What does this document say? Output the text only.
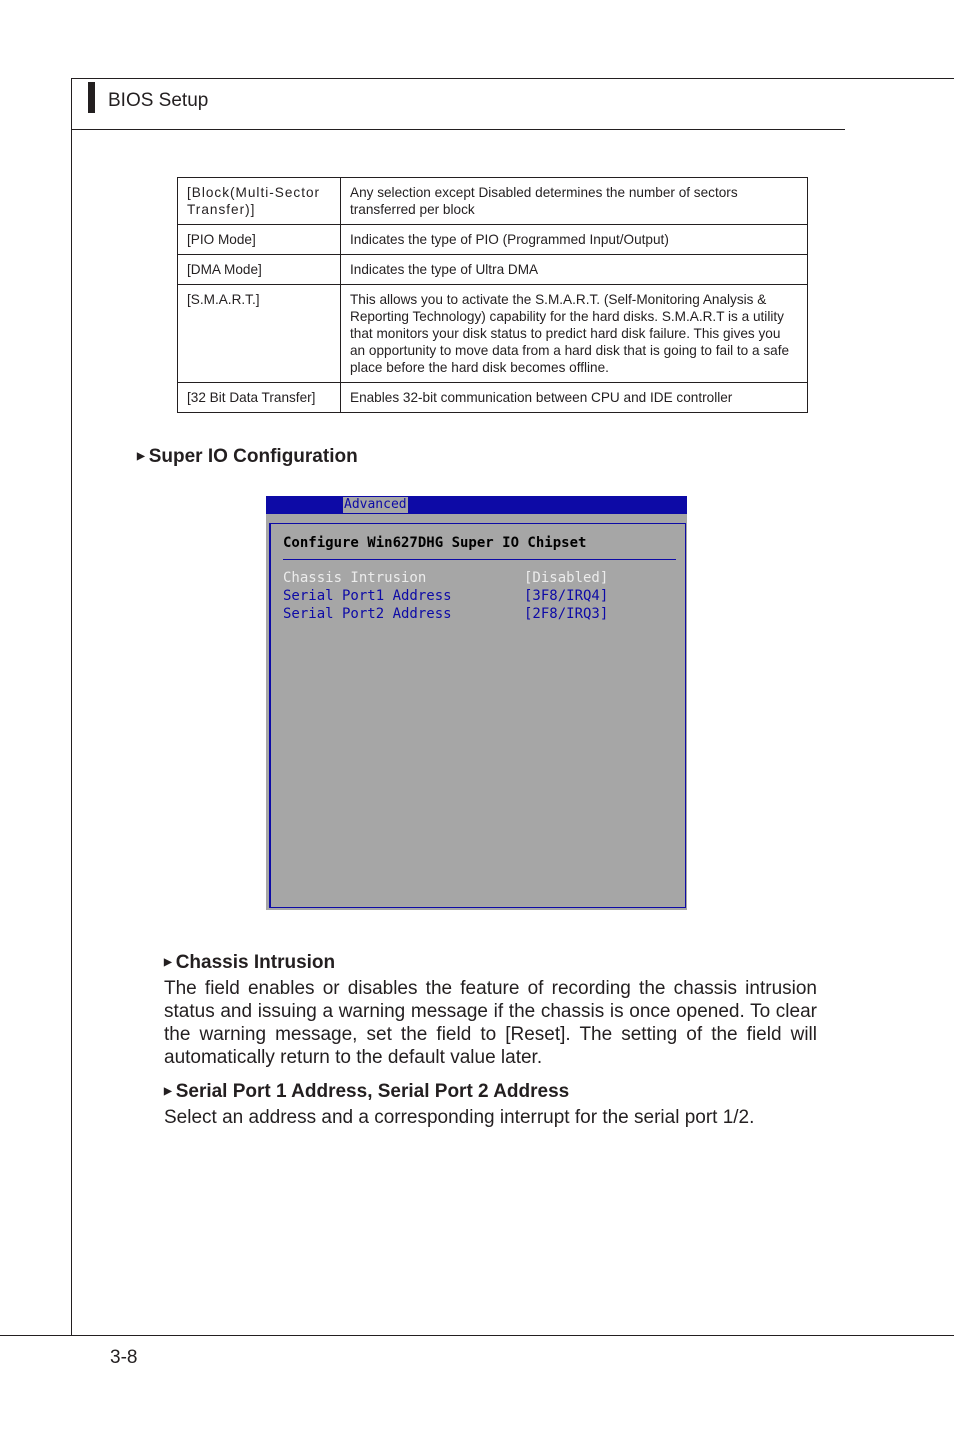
BIOS Setup
[Block(Multi-Sector Transfer)]	Any selection except Disabled determines the number of sectors transferred per block
[PIO Mode]	Indicates the type of PIO (Programmed Input/Output)
[DMA Mode]	Indicates the type of Ultra DMA
[S.M.A.R.T.]	This allows you to activate the S.M.A.R.T. (Self-Monitoring Analysis & Reporting Technology) capability for the hard disks. S.M.A.R.T is a utility that monitors your disk status to predict hard disk failure. This gives you an opportunity to move data from a hard disk that is going to fail to a safe place before the hard disk becomes offline.
[32 Bit Data Transfer]	Enables 32-bit communication between CPU and IDE controller
▶ Super IO Configuration
Advanced
Configure Win627DHG Super IO Chipset
Chassis Intrusion	[Disabled]
Serial Port1 Address	[3F8/IRQ4]
Serial Port2 Address	[2F8/IRQ3]
▶ Chassis Intrusion

The field enables or disables the feature of recording the chassis intrusion status and issuing a warning message if the chassis is once opened. To clear the warning message, set the field to [Reset]. The setting of the field will automatically return to the default value later.

▶ Serial Port 1 Address, Serial Port 2 Address

Select an address and a corresponding interrupt for the serial port 1/2.

3-8
